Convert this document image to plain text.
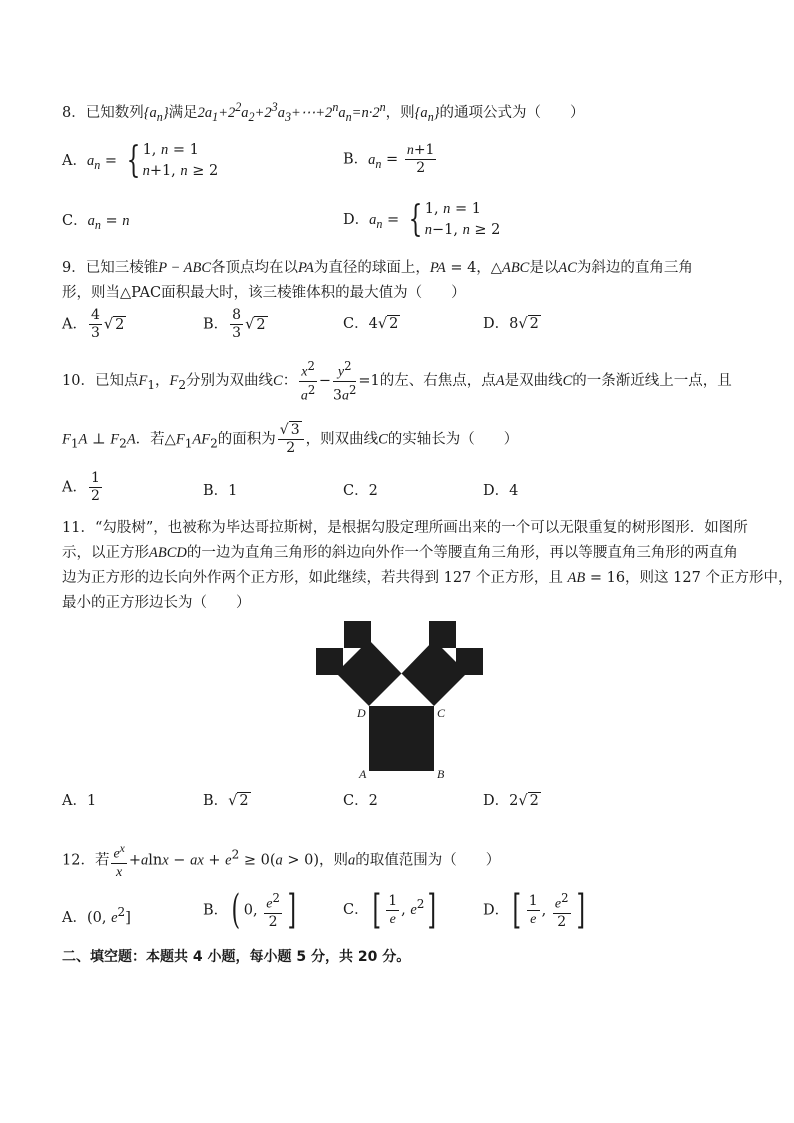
8．已知数列$\{a_n\}$满足$2a_1+2^2a_2+2^3a_3+\cdots+2^na_n=n\cdot 2^n$，则$\{a_n\}$的通项公式为（　　）
A．$a_n$ = { 1, n = 1
n+1, n ≥ 2
B．$a_n = \frac{n+1}{2}$
C．$a_n = n$	D．$a_n$ = { 1, n = 1
n−1, n ≥ 2
9．已知三棱锥P − ABC各顶点均在以PA为直径的球面上，PA = 4，△ABC是以AC为斜边的直角三角
形，则当△PAC面积最大时，该三棱锥体积的最大值为（　　）
A． $\frac{4}{3}$ √ 2	B． $\frac{8}{3}$ √ 2	C．4√ 2	D．8√ 2
10．已知点$F_1$，$F_2$分别为双曲线C： $\frac{x^2}{a^2} - \frac{y^2}{3a^2} =1$的左、右焦点，点A是双曲线C的一条渐近线上一点，且
$F_1A$ ⊥ $F_2A$．若$\triangle F_1AF_2$的面积为 $\frac{√ 3}{2}$ ，则双曲线C的实轴长为（　　）
A． $\frac{1}{2}$	B．1	C．2	D．4
11．“勾股树”，也被称为毕达哥拉斯树，是根据勾股定理所画出来的一个可以无限重复的树形图形．如图所
示，以正方形ABCD的一边为直角三角形的斜边向外作一个等腰直角三角形，再以等腰直角三角形的两直角
边为正方形的边长向外作两个正方形，如此继续，若共得到 127 个正方形，且 AB = 16，则这 127 个正方形中，
最小的正方形边长为（　　）
D	C
A	B
A．1	B．√ 2	C．2	D．2√ 2
12．若 $\frac{e^x}{x} +alnx$ − ax + $e^2 \ge 0(a > 0)$，则a的取值范围为（　　）
A．(0, $e^2$]	B．( 0, $\frac{e^2}{2}$ ]	C．[ $\frac{1}{e}$ , $e^2$]	D．[ $\frac{1}{e}$ , $\frac{e^2}{2}$ ]
二、填空题：本题共 4 小题，每小题 5 分，共 20 分。
